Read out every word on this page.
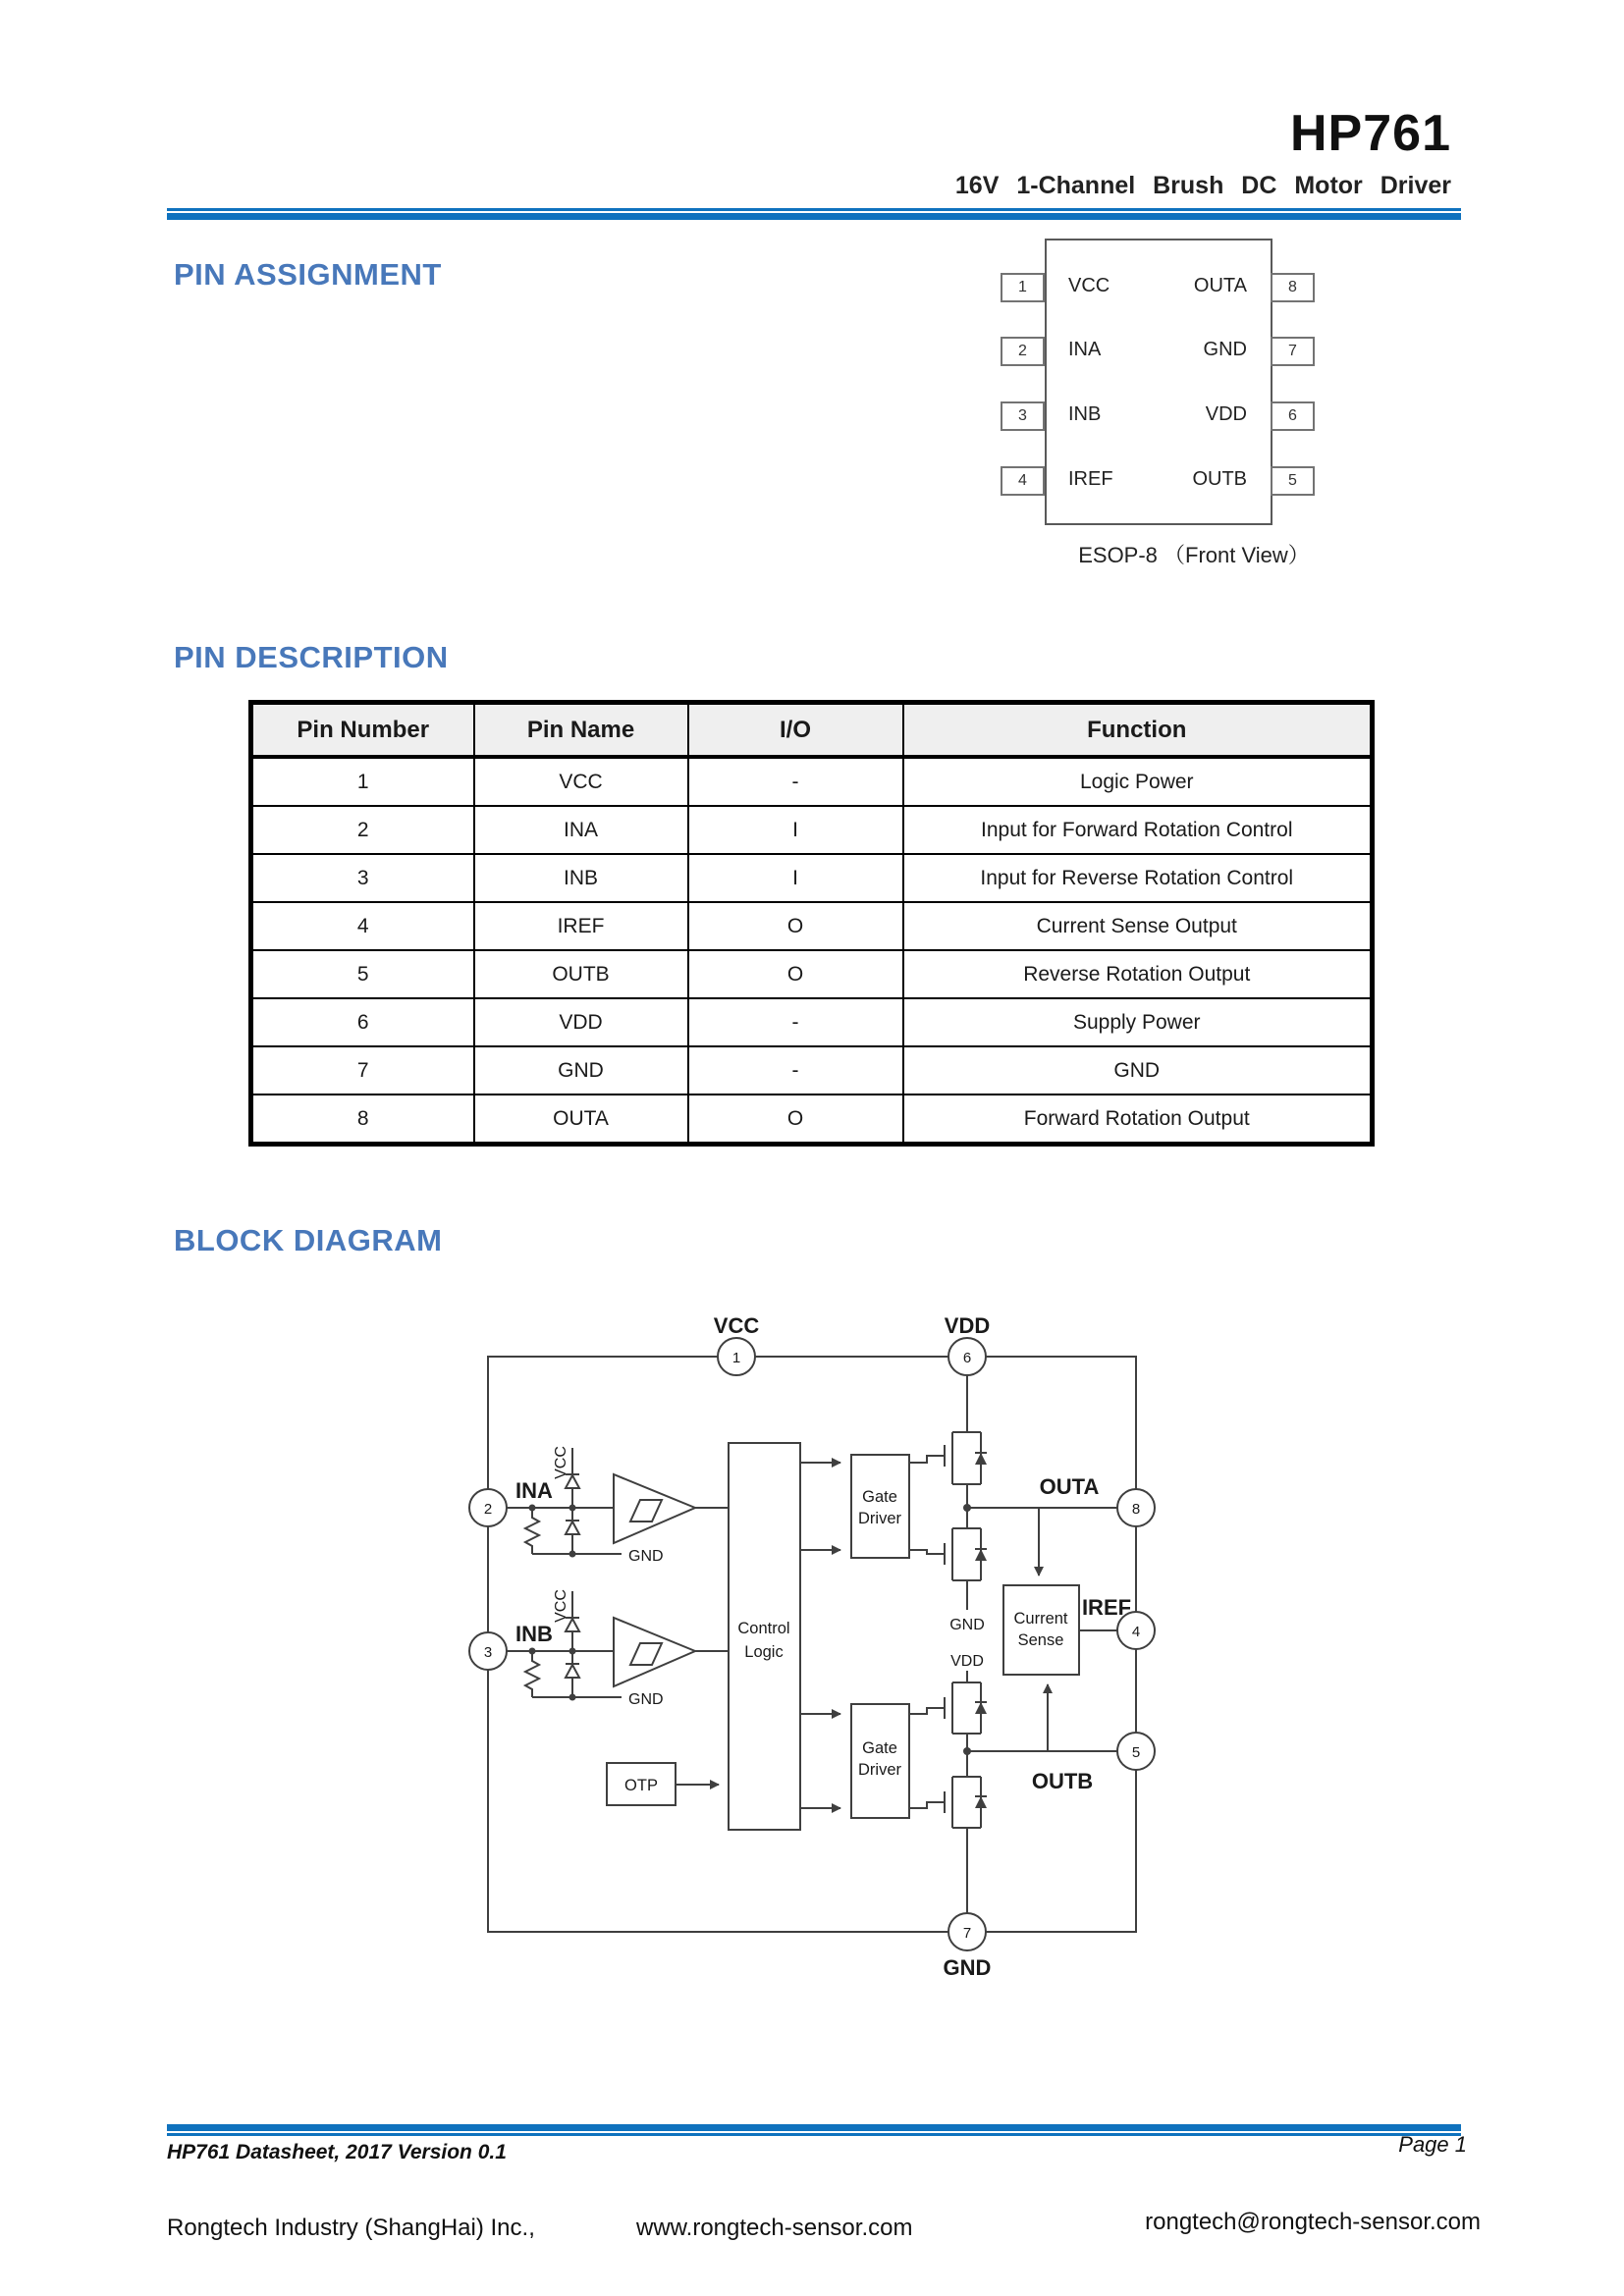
HP761
16V 1-Channel Brush DC Motor Driver
PIN ASSIGNMENT	1
2
3
4
8
7
6
5
VCC
INA
INB
IREF
OUTA
GND
VDD
OUTB
ESOP-8 （Front View）
PIN DESCRIPTION
Pin Number	Pin Name	I/O	Function
1	VCC	-	Logic Power
2	INA	I	Input for Forward Rotation Control
3	INB	I	Input for Reverse Rotation Control
4	IREF	O	Current Sense Output
5	OUTB	O	Reverse Rotation Output
6	VDD	-	Supply Power
7	GND	-	GND
8	OUTA	O	Forward Rotation Output
BLOCK DIAGRAM
VCC
GND
VCC
GND
Control
Logic
OTP
Gate
Driver
Gate
Driver
GND
VDD
Current
Sense
1	6
2
3
8
4
5
7
VCC	VDD
INA
INB
OUTA
IREF
OUTB
GND
HP761 Datasheet, 2017 Version 0.1	Page 1
Rongtech Industry (ShangHai) Inc.,	www.rongtech-sensor.com	rongtech@rongtech-sensor.com
